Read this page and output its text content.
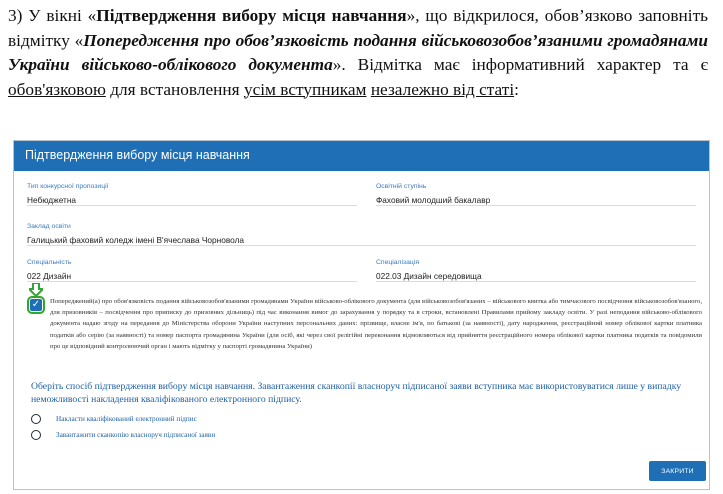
3) У вікні «Підтвердження вибору місця навчання», що відкрилося, обов’язково заповніть відмітку «Попередження про обов’язковість подання військовозобов’язаними громадянами України військово-облікового документа». Відмітка має інформативний характер та є обов'язковою для встановлення усім вступникам незалежно від статі:

Підтвердження вибору місця навчання
Тип конкурсної пропозиції
Небюджетна
Освітній ступінь
Фаховий молодший бакалавр
Заклад освіти
Галицький фаховий коледж імені В'ячеслава Чорновола
Спеціальність
022 Дизайн
Спеціалізація
022.03 Дизайн середовища
✓ Попереджений(а) про обов'язковість подання військовозобов'язаними громадянами України військово-облікового документа (для військовозобов'язаних – військового квитка або тимчасового посвідчення військовозобов'язаного, для призовників – посвідчення про приписку до призовних дільниць) під час виконання вимог до зарахування у порядку та в строки, встановлені Правилами прийому закладу освіти. У разі неподання військово-облікового документа надаю згоду на передання до Міністерства оборони України наступних персональних даних: прізвище, власне ім'я, по батькові (за наявності), дату народження, реєстраційний номер облікової картки платника податків або серію (за наявності) та номер паспорта громадянина України (для осіб, які через свої релігійні переконання відмовляються від прийняття реєстраційного номера облікової картки платника податків та повідомили про це відповідний контролюючий орган і мають відмітку у паспорті громадянина України)
Оберіть спосіб підтвердження вибору місця навчання. Завантаження сканкопії власноруч підписаної заяви вступника має використовуватися лише у випадку неможливості накладення кваліфікованого електронного підпису.
Накласти кваліфікований електронний підпис
Завантажити сканкопію власноруч підписаної заяви
ЗАКРИТИ
